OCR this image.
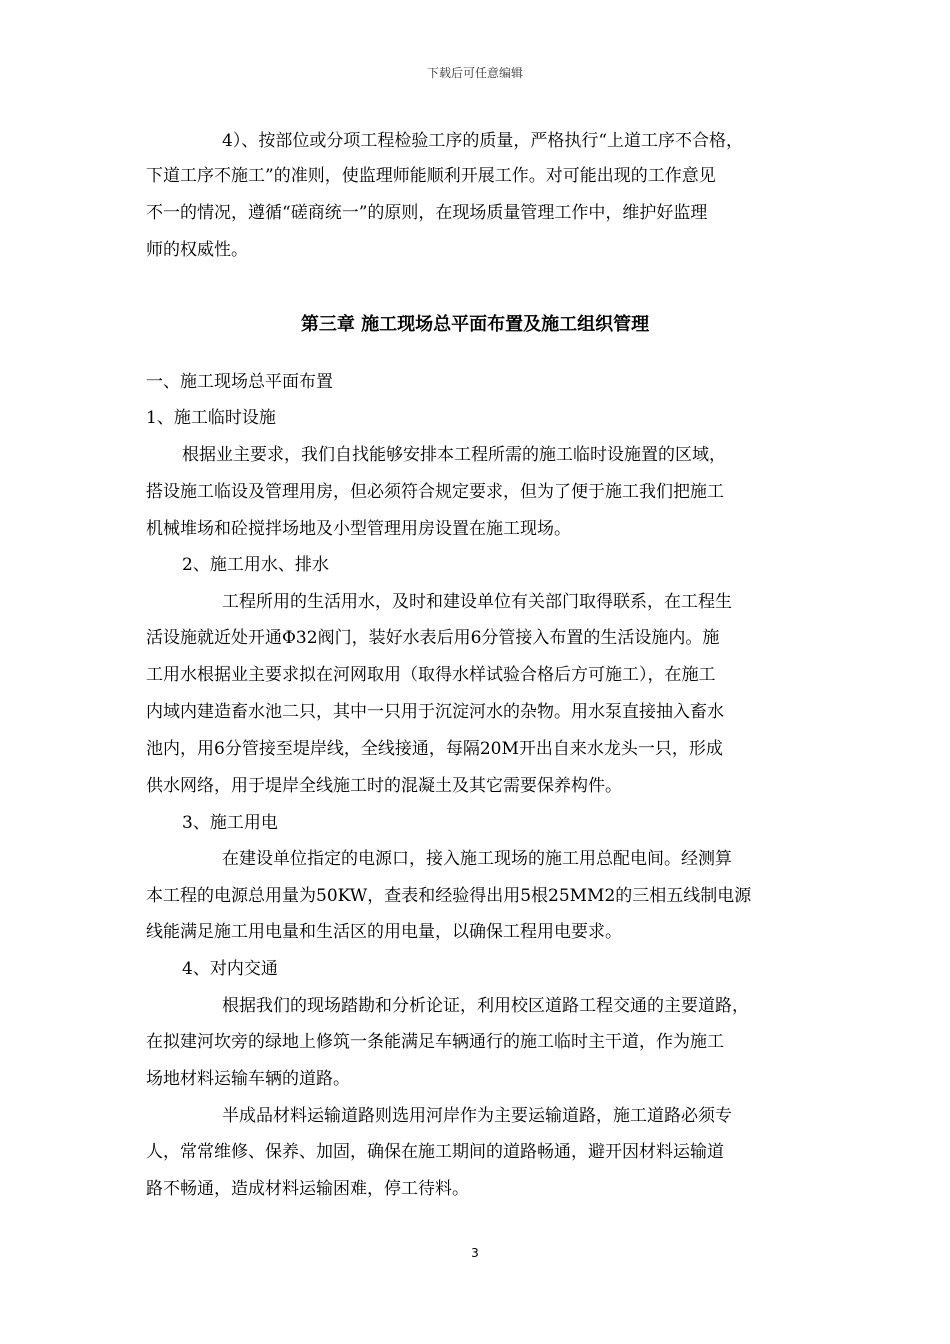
下载后可任意编辑
4）、按部位或分项工程检验工序的质量，严格执行“上道工序不合格，
下道工序不施工”的准则，使监理师能顺利开展工作。对可能出现的工作意见
不一的情况，遵循“磋商统一”的原则，在现场质量管理工作中，维护好监理
师的权威性。
第三章 施工现场总平面布置及施工组织管理
一、施工现场总平面布置
1、施工临时设施
根据业主要求，我们自找能够安排本工程所需的施工临时设施置的区域，
搭设施工临设及管理用房，但必须符合规定要求，但为了便于施工我们把施工
机械堆场和砼搅拌场地及小型管理用房设置在施工现场。
2、施工用水、排水
工程所用的生活用水，及时和建设单位有关部门取得联系，在工程生
活设施就近处开通Φ32阀门，装好水表后用6分管接入布置的生活设施内。施
工用水根据业主要求拟在河网取用（取得水样试验合格后方可施工），在施工
内域内建造畜水池二只，其中一只用于沉淀河水的杂物。用水泵直接抽入畜水
池内，用6分管接至堤岸线，全线接通，每隔20M开出自来水龙头一只，形成
供水网络，用于堤岸全线施工时的混凝土及其它需要保养构件。
3、施工用电
在建设单位指定的电源口，接入施工现场的施工用总配电间。经测算
本工程的电源总用量为50KW，查表和经验得出用5根25MM2的三相五线制电源
线能满足施工用电量和生活区的用电量，以确保工程用电要求。
4、对内交通
根据我们的现场踏勘和分析论证，利用校区道路工程交通的主要道路，
在拟建河坎旁的绿地上修筑一条能满足车辆通行的施工临时主干道，作为施工
场地材料运输车辆的道路。
半成品材料运输道路则选用河岸作为主要运输道路，施工道路必须专
人，常常维修、保养、加固，确保在施工期间的道路畅通，避开因材料运输道
路不畅通，造成材料运输困难，停工待料。
3
